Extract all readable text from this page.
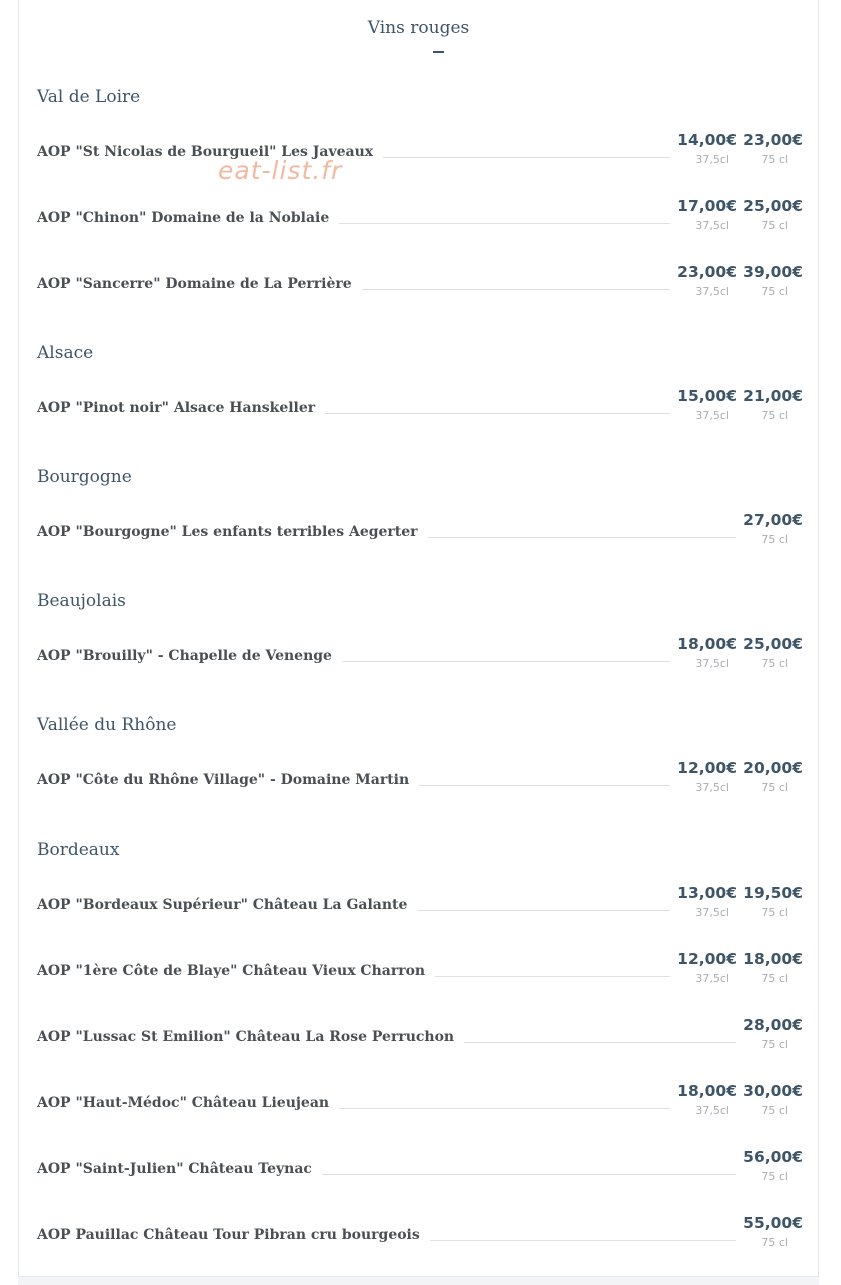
Vins rouges
Val de Loire
AOP "St Nicolas de Bourgueil" Les Javeaux
14,00€
37,5cl
23,00€
75 cl
AOP "Chinon" Domaine de la Noblaie
17,00€
37,5cl
25,00€
75 cl
AOP "Sancerre" Domaine de La Perrière
23,00€
37,5cl
39,00€
75 cl
Alsace
AOP "Pinot noir" Alsace Hanskeller
15,00€
37,5cl
21,00€
75 cl
Bourgogne
AOP "Bourgogne" Les enfants terribles Aegerter
27,00€
75 cl
Beaujolais
AOP "Brouilly" - Chapelle de Venenge
18,00€
37,5cl
25,00€
75 cl
Vallée du Rhône
AOP "Côte du Rhône Village" - Domaine Martin
12,00€
37,5cl
20,00€
75 cl
Bordeaux
AOP "Bordeaux Supérieur" Château La Galante
13,00€
37,5cl
19,50€
75 cl
AOP "1ère Côte de Blaye" Château Vieux Charron
12,00€
37,5cl
18,00€
75 cl
AOP "Lussac St Emilion" Château La Rose Perruchon
28,00€
75 cl
AOP "Haut-Médoc" Château Lieujean
18,00€
37,5cl
30,00€
75 cl
AOP "Saint-Julien" Château Teynac
56,00€
75 cl
AOP Pauillac Château Tour Pibran cru bourgeois
55,00€
75 cl
eat-list.fr
